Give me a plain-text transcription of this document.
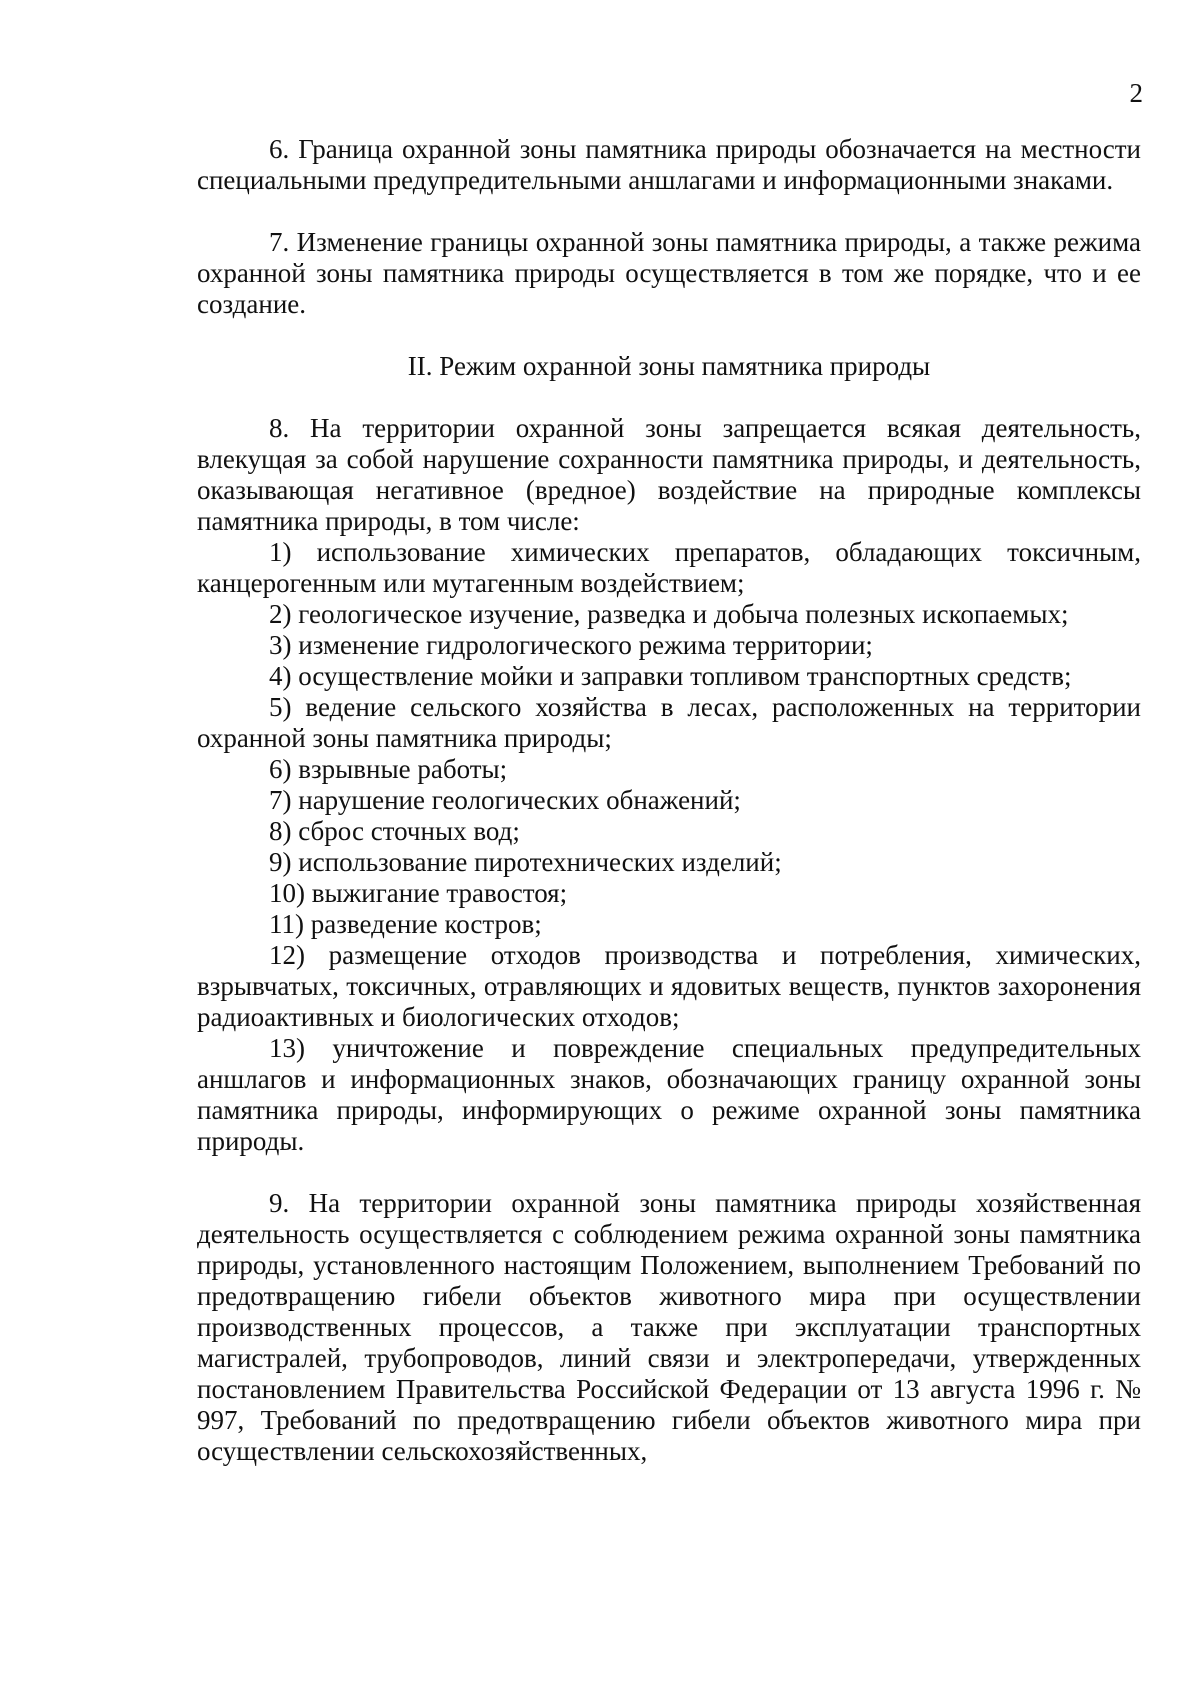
2

6. Граница охранной зоны памятника природы обозначается на местности специальными предупредительными аншлагами и информационными знаками.

7. Изменение границы охранной зоны памятника природы, а также режима охранной зоны памятника природы осуществляется в том же порядке, что и ее создание.

II. Режим охранной зоны памятника природы

8. На территории охранной зоны запрещается всякая деятельность, влекущая за собой нарушение сохранности памятника природы, и деятельность, оказывающая негативное (вредное) воздействие на природные комплексы памятника природы, в том числе:

1) использование химических препаратов, обладающих токсичным, канцерогенным или мутагенным воздействием;

2) геологическое изучение, разведка и добыча полезных ископаемых;

3) изменение гидрологического режима территории;

4) осуществление мойки и заправки топливом транспортных средств;

5) ведение сельского хозяйства в лесах, расположенных на территории охранной зоны памятника природы;

6) взрывные работы;

7) нарушение геологических обнажений;

8) сброс сточных вод;

9) использование пиротехнических изделий;

10) выжигание травостоя;

11) разведение костров;

12) размещение отходов производства и потребления, химических, взрывчатых, токсичных, отравляющих и ядовитых веществ, пунктов захоронения радиоактивных и биологических отходов;

13) уничтожение и повреждение специальных предупредительных аншлагов и информационных знаков, обозначающих границу охранной зоны памятника природы, информирующих о режиме охранной зоны памятника природы.

9. На территории охранной зоны памятника природы хозяйственная деятельность осуществляется с соблюдением режима охранной зоны памятника природы, установленного настоящим Положением, выполнением Требований по предотвращению гибели объектов животного мира при осуществлении производственных процессов, а также при эксплуатации транспортных магистралей, трубопроводов, линий связи и электропередачи, утвержденных постановлением Правительства Российской Федерации от 13 августа 1996 г. № 997, Требований по предотвращению гибели объектов животного мира при осуществлении сельскохозяйственных,
